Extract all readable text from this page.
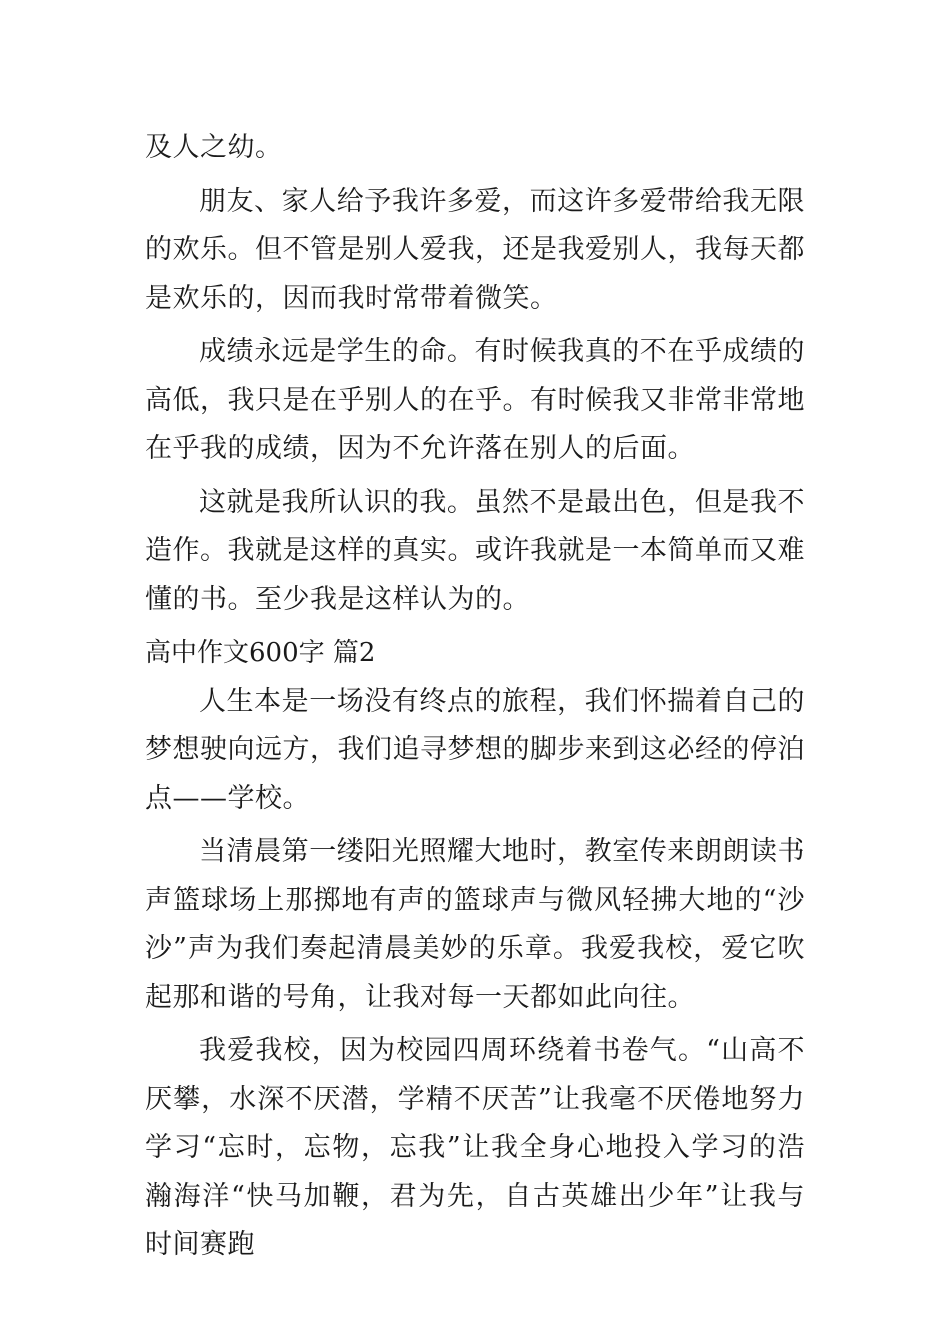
及人之幼。

朋友、家人给予我许多爱，而这许多爱带给我无限的欢乐。但不管是别人爱我，还是我爱别人，我每天都是欢乐的，因而我时常带着微笑。

成绩永远是学生的命。有时候我真的不在乎成绩的高低，我只是在乎别人的在乎。有时候我又非常非常地在乎我的成绩，因为不允许落在别人的后面。

这就是我所认识的我。虽然不是最出色，但是我不造作。我就是这样的真实。或许我就是一本简单而又难懂的书。至少我是这样认为的。

高中作文600字 篇2

人生本是一场没有终点的旅程，我们怀揣着自己的梦想驶向远方，我们追寻梦想的脚步来到这必经的停泊点——学校。

当清晨第一缕阳光照耀大地时，教室传来朗朗读书声篮球场上那掷地有声的篮球声与微风轻拂大地的“沙沙”声为我们奏起清晨美妙的乐章。我爱我校，爱它吹起那和谐的号角，让我对每一天都如此向往。

我爱我校，因为校园四周环绕着书卷气。“山高不厌攀，水深不厌潜，学精不厌苦”让我毫不厌倦地努力学习“忘时，忘物，忘我”让我全身心地投入学习的浩瀚海洋“快马加鞭，君为先，自古英雄出少年”让我与时间赛跑
